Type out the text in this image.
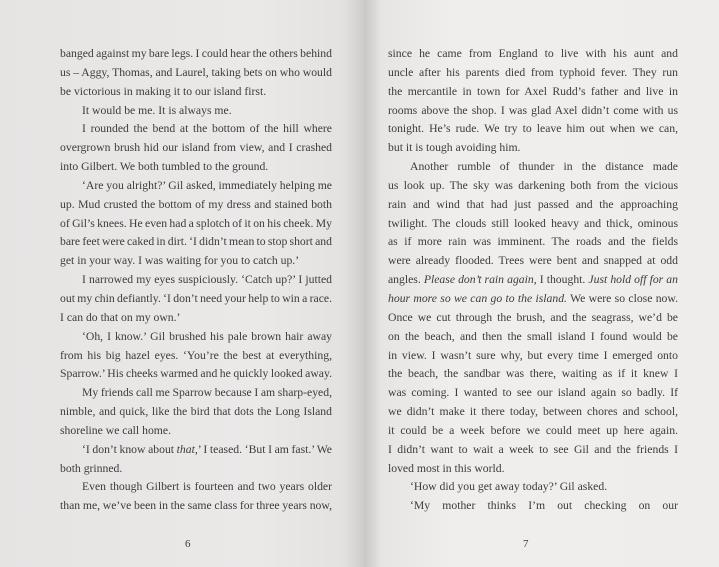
banged against my bare legs. I could hear the others behind
us – Aggy, Thomas, and Laurel, taking bets on who would
be victorious in making it to our island first.
It would be me. It is always me.
I rounded the bend at the bottom of the hill where
overgrown brush hid our island from view, and I crashed
into Gilbert. We both tumbled to the ground.
‘Are you alright?’ Gil asked, immediately helping me
up. Mud crusted the bottom of my dress and stained both
of Gil’s knees. He even had a splotch of it on his cheek. My
bare feet were caked in dirt. ‘I didn’t mean to stop short and
get in your way. I was waiting for you to catch up.’
I narrowed my eyes suspiciously. ‘Catch up?’ I jutted
out my chin defiantly. ‘I don’t need your help to win a race.
I can do that on my own.’
‘Oh, I know.’ Gil brushed his pale brown hair away
from his big hazel eyes. ‘You’re the best at everything,
Sparrow.’ His cheeks warmed and he quickly looked away.
My friends call me Sparrow because I am sharp-eyed,
nimble, and quick, like the bird that dots the Long Island
shoreline we call home.
‘I don’t know about that,’ I teased. ‘But I am fast.’ We
both grinned.
Even though Gilbert is fourteen and two years older
than me, we’ve been in the same class for three years now,
6
since he came from England to live with his aunt and
uncle after his parents died from typhoid fever. They run
the mercantile in town for Axel Rudd’s father and live in
rooms above the shop. I was glad Axel didn’t come with us
tonight. He’s rude. We try to leave him out when we can,
but it is tough avoiding him.
Another rumble of thunder in the distance made
us look up. The sky was darkening both from the vicious
rain and wind that had just passed and the approaching
twilight. The clouds still looked heavy and thick, ominous
as if more rain was imminent. The roads and the fields
were already flooded. Trees were bent and snapped at odd
angles. Please don’t rain again, I thought. Just hold off for an
hour more so we can go to the island. We were so close now.
Once we cut through the brush, and the seagrass, we’d be
on the beach, and then the small island I found would be
in view. I wasn’t sure why, but every time I emerged onto
the beach, the sandbar was there, waiting as if it knew I
was coming. I wanted to see our island again so badly. If
we didn’t make it there today, between chores and school,
it could be a week before we could meet up here again.
I didn’t want to wait a week to see Gil and the friends I
loved most in this world.
‘How did you get away today?’ Gil asked.
‘My mother thinks I’m out checking on our
7
